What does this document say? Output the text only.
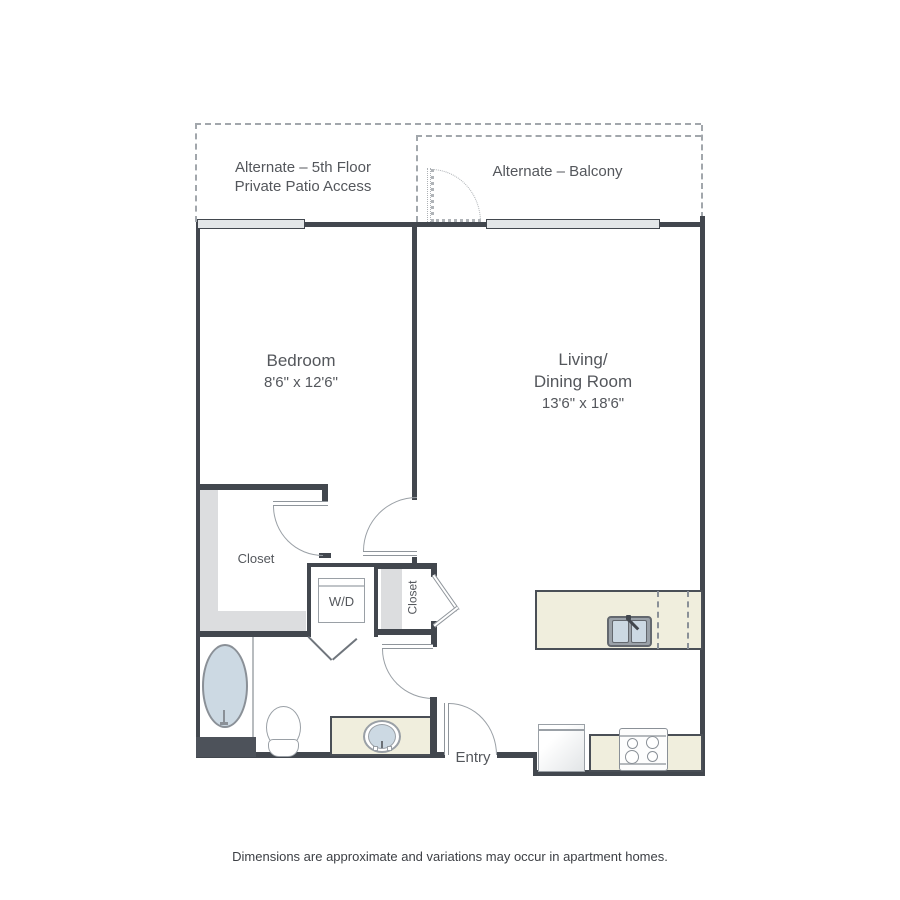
Alternate – 5th Floor
Private Patio Access
Alternate – Balcony
Bedroom
8'6" x 12'6"
Living/
Dining Room
13'6" x 18'6"
Closet
W/D	Closet
Entry
Dimensions are approximate and variations may occur in apartment homes.
